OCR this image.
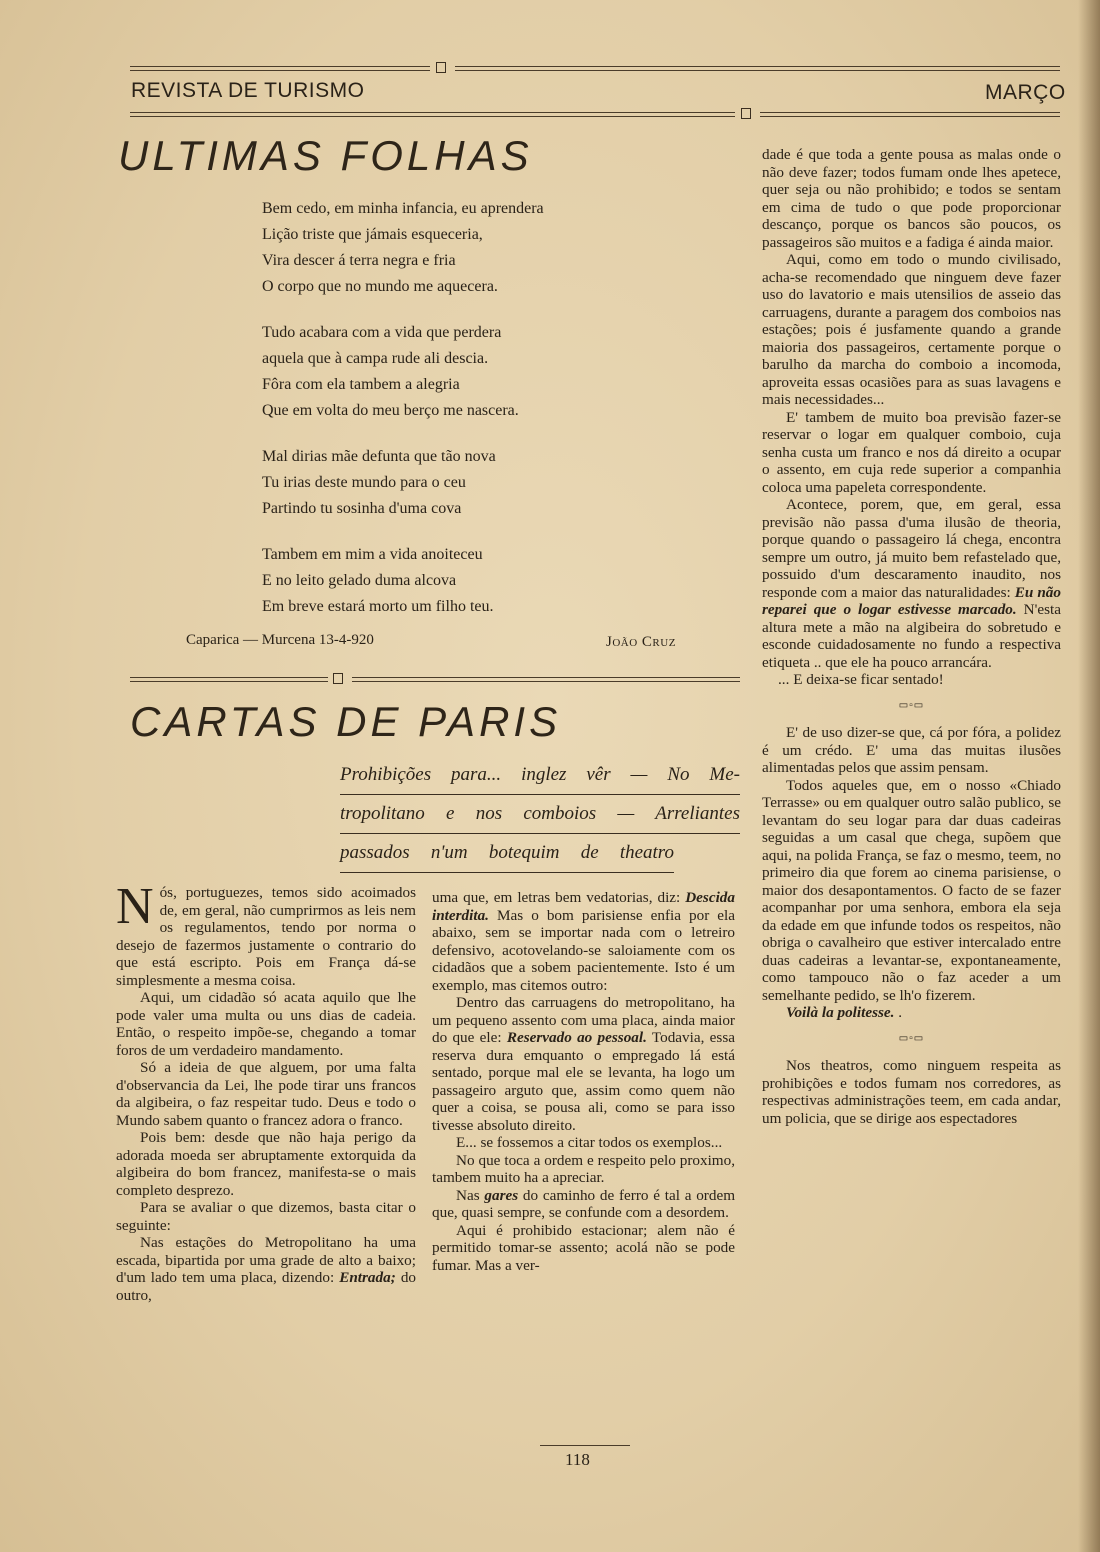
REVISTA DE TURISMO	MARÇO
ULTIMAS FOLHAS
Bem cedo, em minha infancia, eu aprendera
Lição triste que jámais esqueceria,
Vira descer á terra negra e fria
O corpo que no mundo me aquecera.
Tudo acabara com a vida que perdera
aquela que à campa rude ali descia.
Fôra com ela tambem a alegria
Que em volta do meu berço me nascera.
Mal dirias mãe defunta que tão nova
Tu irias deste mundo para o ceu
Partindo tu sosinha d'uma cova
Tambem em mim a vida anoiteceu
E no leito gelado duma alcova
Em breve estará morto um filho teu.
Caparica — Murcena 13-4-920	João Cruz
CARTAS DE PARIS
Prohibições para... inglez vêr — No Me-
tropolitano e nos comboios — Arreliantes
passados n'um botequim de theatro

Nós, portuguezes, temos sido acoimados de, em geral, não cumprirmos as leis nem os regulamentos, tendo por norma o desejo de fazermos justamente o contrario do que está escripto. Pois em França dá-se simplesmente a mesma coisa.

Aqui, um cidadão só acata aquilo que lhe pode valer uma multa ou uns dias de cadeia. Então, o respeito impõe-se, chegando a tomar foros de um verdadeiro mandamento.

Só a ideia de que alguem, por uma falta d'observancia da Lei, lhe pode tirar uns francos da algibeira, o faz respeitar tudo. Deus e todo o Mundo sabem quanto o francez adora o franco.

Pois bem: desde que não haja perigo da adorada moeda ser abruptamente extorquida da algibeira do bom francez, manifesta-se o mais completo desprezo.

Para se avaliar o que dizemos, basta citar o seguinte:

Nas estações do Metropolitano ha uma escada, bipartida por uma grade de alto a baixo; d'um lado tem uma placa, dizendo: Entrada; do outro,

uma que, em letras bem vedatorias, diz: Descida interdita. Mas o bom parisiense enfia por ela abaixo, sem se importar nada com o letreiro defensivo, acotovelando-se saloiamente com os cidadãos que a sobem pacientemente. Isto é um exemplo, mas citemos outro:

Dentro das carruagens do metropolitano, ha um pequeno assento com uma placa, ainda maior do que ele: Reservado ao pessoal. Todavia, essa reserva dura emquanto o empregado lá está sentado, porque mal ele se levanta, ha logo um passageiro arguto que, assim como quem não quer a coisa, se pousa ali, como se para isso tivesse absoluto direito.

E... se fossemos a citar todos os exemplos...

No que toca a ordem e respeito pelo proximo, tambem muito ha a apreciar.

Nas gares do caminho de ferro é tal a ordem que, quasi sempre, se confunde com a desordem.

Aqui é prohibido estacionar; alem não é permitido tomar-se assento; acolá não se pode fumar. Mas a ver-

dade é que toda a gente pousa as malas onde o não deve fazer; todos fumam onde lhes apetece, quer seja ou não prohibido; e todos se sentam em cima de tudo o que pode proporcionar descanço, porque os bancos são poucos, os passageiros são muitos e a fadiga é ainda maior.

Aqui, como em todo o mundo civilisado, acha-se recomendado que ninguem deve fazer uso do lavatorio e mais utensilios de asseio das carruagens, durante a paragem dos comboios nas estações; pois é jusfamente quando a grande maioria dos passageiros, certamente porque o barulho da marcha do comboio a incomoda, aproveita essas ocasiões para as suas lavagens e mais necessidades...

E' tambem de muito boa previsão fazer-se reservar o logar em qualquer comboio, cuja senha custa um franco e nos dá direito a ocupar o assento, em cuja rede superior a companhia coloca uma papeleta correspondente.

Acontece, porem, que, em geral, essa previsão não passa d'uma ilusão de theoria, porque quando o passageiro lá chega, encontra sempre um outro, já muito bem refastelado que, possuido d'um descaramento inaudito, nos responde com a maior das naturalidades: Eu não reparei que o logar estivesse marcado. N'esta altura mete a mão na algibeira do sobretudo e esconde cuidadosamente no fundo a respectiva etiqueta .. que ele ha pouco arrancára.

... E deixa-se ficar sentado!

▭▫▭

E' de uso dizer-se que, cá por fóra, a polidez é um crédo. E' uma das muitas ilusões alimentadas pelos que assim pensam.

Todos aqueles que, em o nosso «Chiado Terrasse» ou em qualquer outro salão publico, se levantam do seu logar para dar duas cadeiras seguidas a um casal que chega, supõem que aqui, na polida França, se faz o mesmo, teem, no primeiro dia que forem ao cinema parisiense, o maior dos desapontamentos. O facto de se fazer acompanhar por uma senhora, embora ela seja da edade em que infunde todos os respeitos, não obriga o cavalheiro que estiver intercalado entre duas cadeiras a levantar-se, expontaneamente, como tampouco não o faz aceder a um semelhante pedido, se lh'o fizerem.

Voilà la politesse. .

▭▫▭

Nos theatros, como ninguem respeita as prohibições e todos fumam nos corredores, as respectivas administrações teem, em cada andar, um policia, que se dirige aos espectadores

118
